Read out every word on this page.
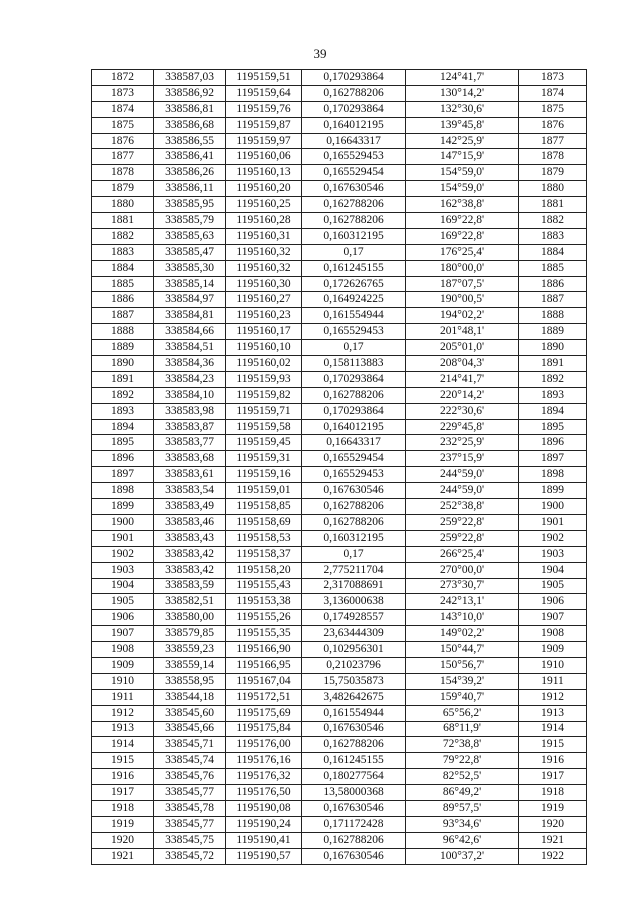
39
1872	338587,03	1195159,51	0,170293864	124°41,7'	1873
1873	338586,92	1195159,64	0,162788206	130°14,2'	1874
1874	338586,81	1195159,76	0,170293864	132°30,6'	1875
1875	338586,68	1195159,87	0,164012195	139°45,8'	1876
1876	338586,55	1195159,97	0,16643317	142°25,9'	1877
1877	338586,41	1195160,06	0,165529453	147°15,9'	1878
1878	338586,26	1195160,13	0,165529454	154°59,0'	1879
1879	338586,11	1195160,20	0,167630546	154°59,0'	1880
1880	338585,95	1195160,25	0,162788206	162°38,8'	1881
1881	338585,79	1195160,28	0,162788206	169°22,8'	1882
1882	338585,63	1195160,31	0,160312195	169°22,8'	1883
1883	338585,47	1195160,32	0,17	176°25,4'	1884
1884	338585,30	1195160,32	0,161245155	180°00,0'	1885
1885	338585,14	1195160,30	0,172626765	187°07,5'	1886
1886	338584,97	1195160,27	0,164924225	190°00,5'	1887
1887	338584,81	1195160,23	0,161554944	194°02,2'	1888
1888	338584,66	1195160,17	0,165529453	201°48,1'	1889
1889	338584,51	1195160,10	0,17	205°01,0'	1890
1890	338584,36	1195160,02	0,158113883	208°04,3'	1891
1891	338584,23	1195159,93	0,170293864	214°41,7'	1892
1892	338584,10	1195159,82	0,162788206	220°14,2'	1893
1893	338583,98	1195159,71	0,170293864	222°30,6'	1894
1894	338583,87	1195159,58	0,164012195	229°45,8'	1895
1895	338583,77	1195159,45	0,16643317	232°25,9'	1896
1896	338583,68	1195159,31	0,165529454	237°15,9'	1897
1897	338583,61	1195159,16	0,165529453	244°59,0'	1898
1898	338583,54	1195159,01	0,167630546	244°59,0'	1899
1899	338583,49	1195158,85	0,162788206	252°38,8'	1900
1900	338583,46	1195158,69	0,162788206	259°22,8'	1901
1901	338583,43	1195158,53	0,160312195	259°22,8'	1902
1902	338583,42	1195158,37	0,17	266°25,4'	1903
1903	338583,42	1195158,20	2,775211704	270°00,0'	1904
1904	338583,59	1195155,43	2,317088691	273°30,7'	1905
1905	338582,51	1195153,38	3,136000638	242°13,1'	1906
1906	338580,00	1195155,26	0,174928557	143°10,0'	1907
1907	338579,85	1195155,35	23,63444309	149°02,2'	1908
1908	338559,23	1195166,90	0,102956301	150°44,7'	1909
1909	338559,14	1195166,95	0,21023796	150°56,7'	1910
1910	338558,95	1195167,04	15,75035873	154°39,2'	1911
1911	338544,18	1195172,51	3,482642675	159°40,7'	1912
1912	338545,60	1195175,69	0,161554944	65°56,2'	1913
1913	338545,66	1195175,84	0,167630546	68°11,9'	1914
1914	338545,71	1195176,00	0,162788206	72°38,8'	1915
1915	338545,74	1195176,16	0,161245155	79°22,8'	1916
1916	338545,76	1195176,32	0,180277564	82°52,5'	1917
1917	338545,77	1195176,50	13,58000368	86°49,2'	1918
1918	338545,78	1195190,08	0,167630546	89°57,5'	1919
1919	338545,77	1195190,24	0,171172428	93°34,6'	1920
1920	338545,75	1195190,41	0,162788206	96°42,6'	1921
1921	338545,72	1195190,57	0,167630546	100°37,2'	1922
